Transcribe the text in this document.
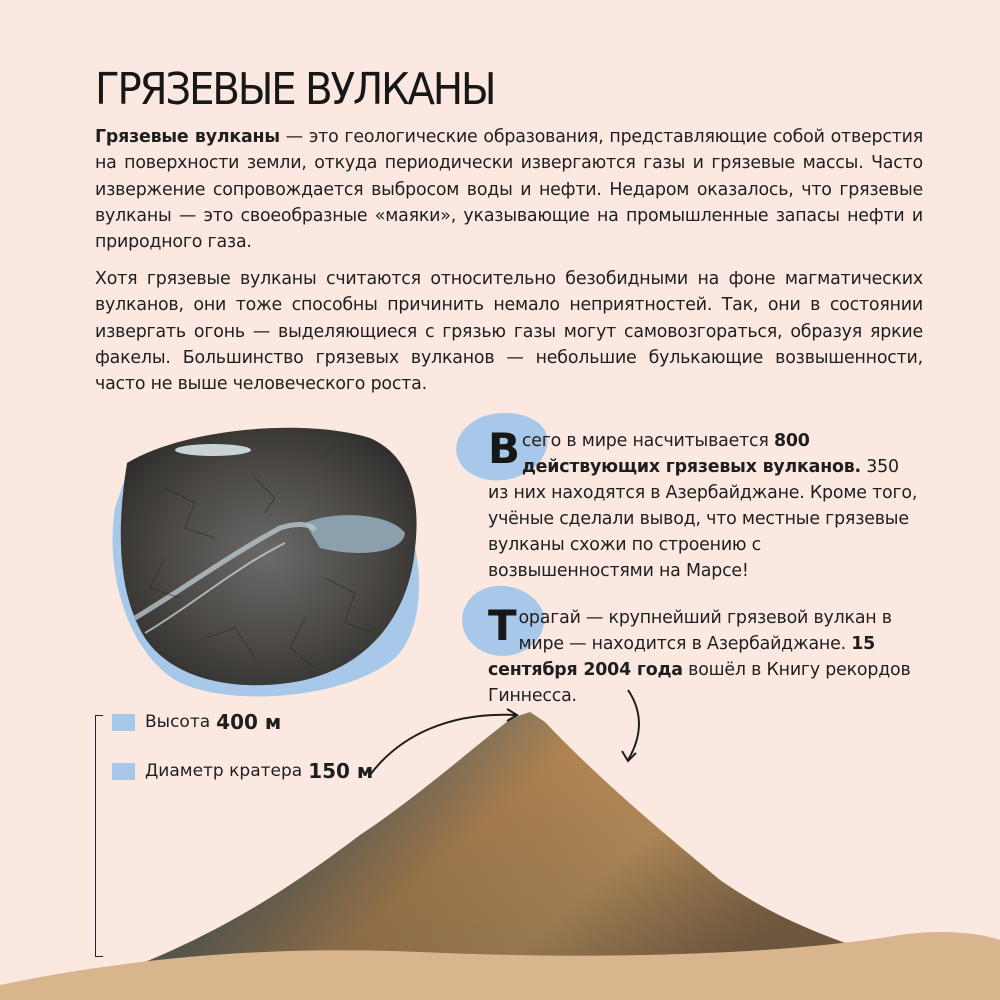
ГРЯЗЕВЫЕ ВУЛКАНЫ

Грязевые вулканы — это геологические образования, представляющие собой отверстия на поверхности земли, откуда периодически извергаются газы и грязевые массы. Часто извержение сопровождается выбросом воды и нефти. Недаром оказалось, что грязевые вулканы — это своеобразные «маяки», указывающие на промышленные запасы нефти и природного газа.

Хотя грязевые вулканы считаются относительно безобидными на фоне магматических вулканов, они тоже способны причинить немало неприятностей. Так, они в состоянии извергать огонь — выделяющиеся с грязью газы могут самовозгораться, образуя яркие факелы. Большинство грязевых вулканов — небольшие булькающие возвышенности, часто не выше человеческого роста.

Всего в мире насчитывается 800 действующих грязевых вулканов. 350 из них находятся в Азербайджане. Кроме того, учёные сделали вывод, что местные грязевые вулканы схожи по строению с возвышенностями на Марсе!

Торагай — крупнейший грязевой вулкан в мире — находится в Азербайджане. 15 сентября 2004 года вошёл в Книгу рекордов Гиннесса.

Высота 400 м
Диаметр кратера 150 м
